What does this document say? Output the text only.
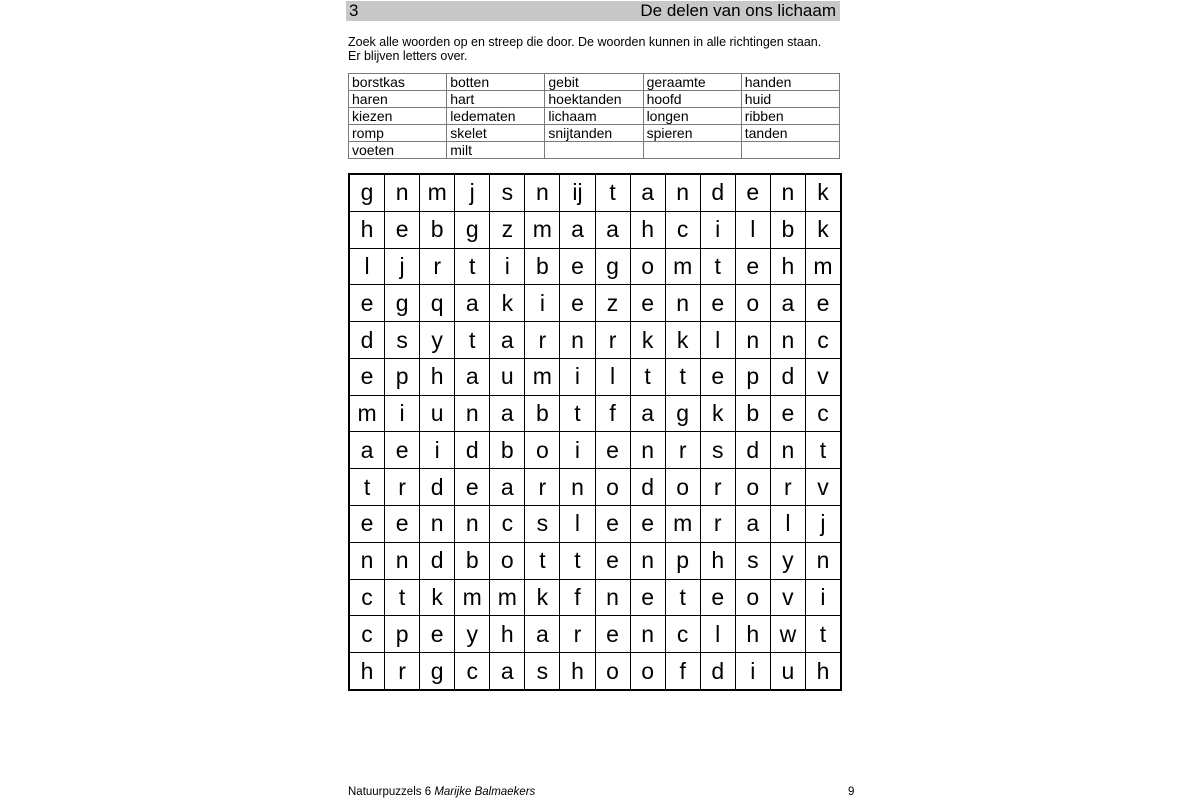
3	De delen van ons lichaam
Zoek alle woorden op en streep die door. De woorden kunnen in alle richtingen staan. Er blijven letters over.
borstkas	botten	gebit	geraamte	handen
haren	hart	hoektanden	hoofd	huid
kiezen	ledematen	lichaam	longen	ribben
romp	skelet	snijtanden	spieren	tanden
voeten	milt			
g n m j	s n	ij	t	a n d e n k
h e b g z m a a h c	i	l	b k
l	j	r	t	i	b e g o m t	e h m
e g q a k	i	e z e n e o a e
d s	y	t	a	r	n	r	k	k	l	n n c
e p h a u m i	l	t	t	e p d v
m i	u n a b	t	f	a g k b e c
a e	i	d b o	i	e n	r	s d n	t
t	r	d e a	r	n o d o	r	o	r	v
e e n n c	s	l	e e m r	a	l	j
n n d b o	t	t	e n p h s	y n
c	t	k m m k	f	n e	t	e o v	i
c p e y h a	r	e n c	l	h w	t
h	r	g c a s h o o	f	d	i	u h
Natuurpuzzels 6 Marijke Balmaekers	9
